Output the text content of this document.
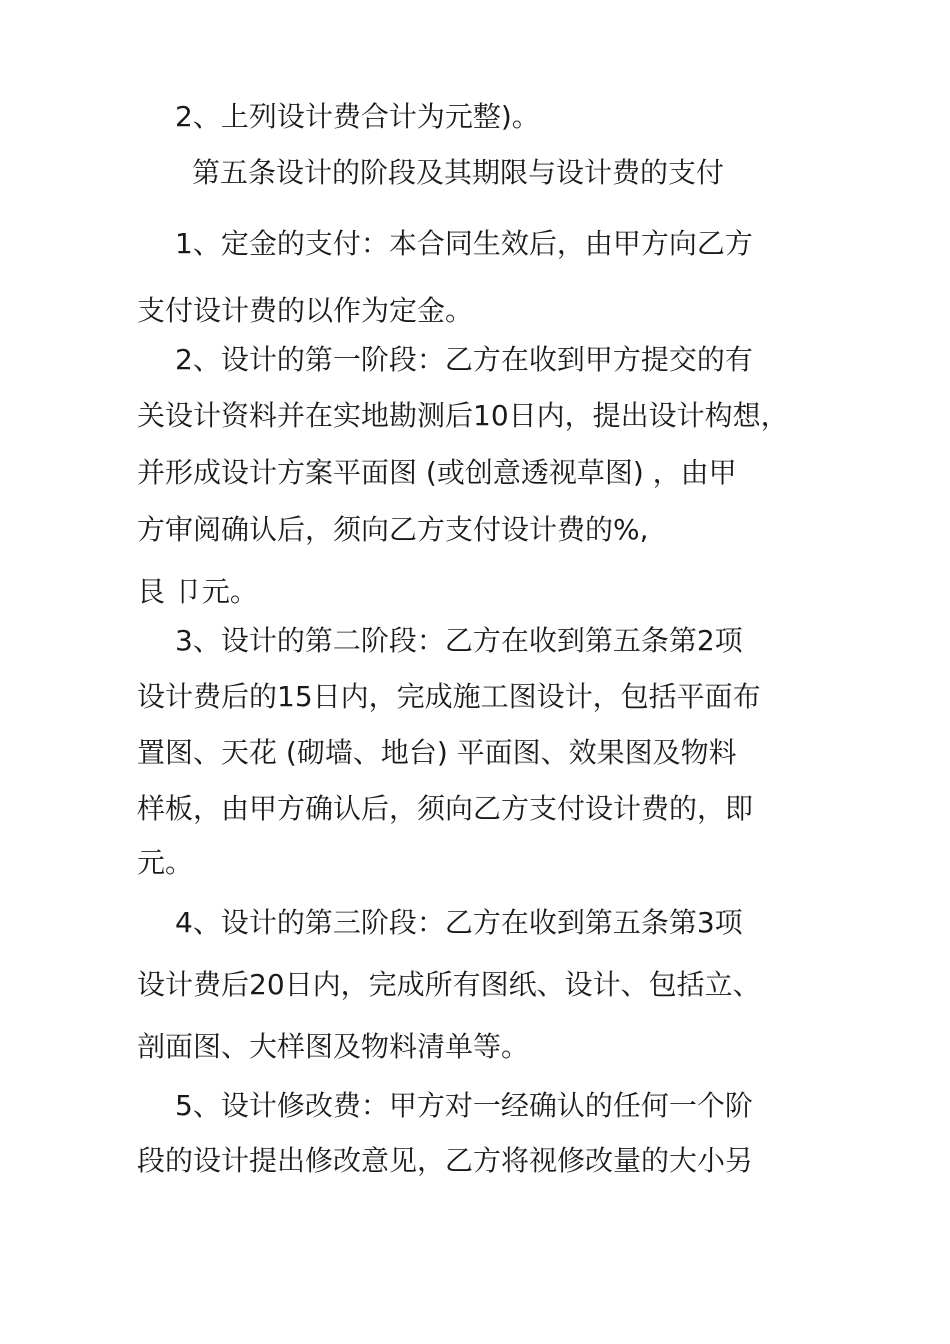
2、上列设计费合计为元整)。
第五条设计的阶段及其期限与设计费的支付
1、定金的支付：本合同生效后，由甲方向乙方
支付设计费的以作为定金。
2、设计的第一阶段：乙方在收到甲方提交的有
关设计资料并在实地勘测后10日内，提出设计构想，
并形成设计方案平面图 (或创意透视草图) ，由甲
方审阅确认后，须向乙方支付设计费的%,
艮 卩元。
3、设计的第二阶段：乙方在收到第五条第2项
设计费后的15日内，完成施工图设计，包括平面布
置图、天花 (砌墙、地台) 平面图、效果图及物料
样板，由甲方确认后，须向乙方支付设计费的，即
元。
4、设计的第三阶段：乙方在收到第五条第3项
设计费后20日内，完成所有图纸、设计、包括立、
剖面图、大样图及物料清单等。
5、设计修改费：甲方对一经确认的任何一个阶
段的设计提出修改意见，乙方将视修改量的大小另
